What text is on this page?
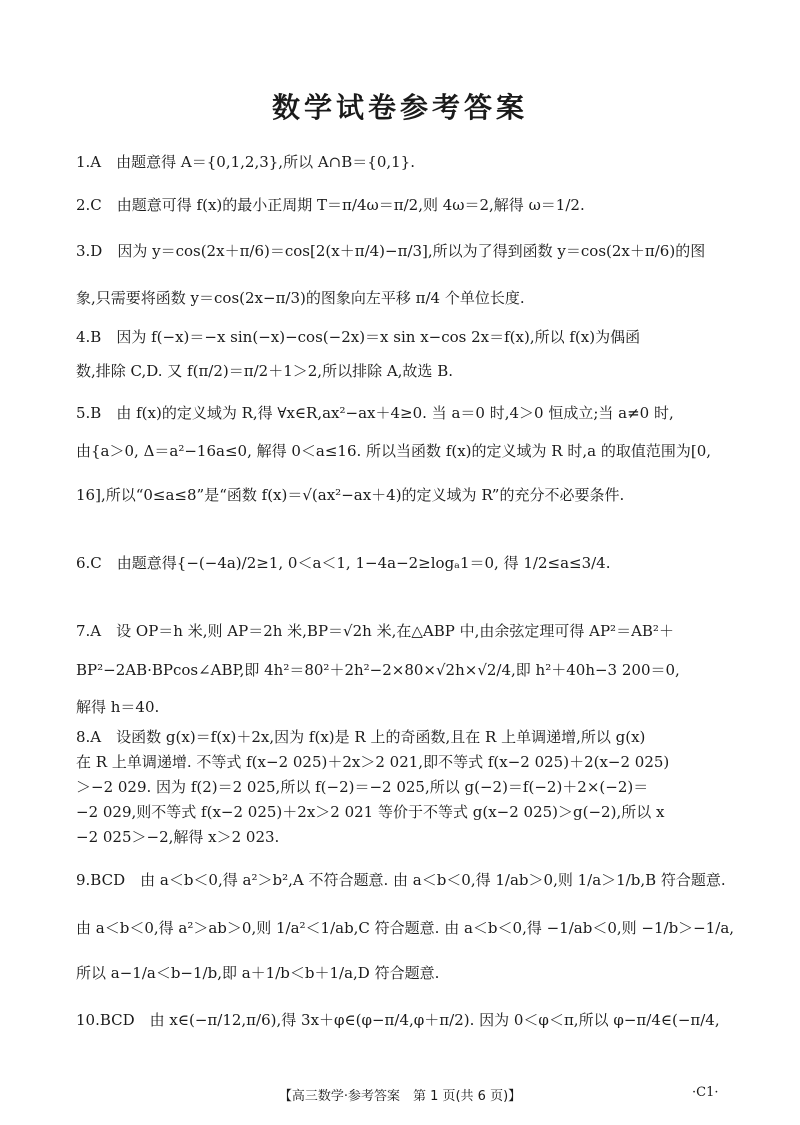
数学试卷参考答案
1.A　由题意得 A＝{0,1,2,3},所以 A∩B＝{0,1}.
2.C　由题意可得 f(x)的最小正周期 T＝π/4ω＝π/2,则 4ω＝2,解得 ω＝1/2.
3.D　因为 y＝cos(2x＋π/6)＝cos[2(x＋π/4)−π/3],所以为了得到函数 y＝cos(2x＋π/6)的图
象,只需要将函数 y＝cos(2x−π/3)的图象向左平移 π/4 个单位长度.
4.B　因为 f(−x)＝−x sin(−x)−cos(−2x)＝x sin x−cos 2x＝f(x),所以 f(x)为偶函
数,排除 C,D. 又 f(π/2)＝π/2＋1＞2,所以排除 A,故选 B.
5.B　由 f(x)的定义域为 R,得 ∀x∈R,ax²−ax＋4≥0. 当 a＝0 时,4＞0 恒成立;当 a≠0 时,
由{a＞0, Δ＝a²−16a≤0, 解得 0＜a≤16. 所以当函数 f(x)的定义域为 R 时,a 的取值范围为[0,
16],所以“0≤a≤8”是“函数 f(x)＝√(ax²−ax＋4)的定义域为 R”的充分不必要条件.
6.C　由题意得{−(−4a)/2≥1, 0＜a＜1, 1−4a−2≥logₐ1＝0, 得 1/2≤a≤3/4.
7.A　设 OP＝h 米,则 AP＝2h 米,BP＝√2h 米,在△ABP 中,由余弦定理可得 AP²＝AB²＋
BP²−2AB·BPcos∠ABP,即 4h²＝80²＋2h²−2×80×√2h×√2/4,即 h²＋40h−3 200＝0,
解得 h＝40.
8.A　设函数 g(x)＝f(x)＋2x,因为 f(x)是 R 上的奇函数,且在 R 上单调递增,所以 g(x)
在 R 上单调递增. 不等式 f(x−2 025)＋2x＞2 021,即不等式 f(x−2 025)＋2(x−2 025)
＞−2 029. 因为 f(2)＝2 025,所以 f(−2)＝−2 025,所以 g(−2)＝f(−2)＋2×(−2)＝
−2 029,则不等式 f(x−2 025)＋2x＞2 021 等价于不等式 g(x−2 025)＞g(−2),所以 x
−2 025＞−2,解得 x＞2 023.
9.BCD　由 a＜b＜0,得 a²＞b²,A 不符合题意. 由 a＜b＜0,得 1/ab＞0,则 1/a＞1/b,B 符合题意.
由 a＜b＜0,得 a²＞ab＞0,则 1/a²＜1/ab,C 符合题意. 由 a＜b＜0,得 −1/ab＜0,则 −1/b＞−1/a,
所以 a−1/a＜b−1/b,即 a＋1/b＜b＋1/a,D 符合题意.
10.BCD　由 x∈(−π/12,π/6),得 3x＋φ∈(φ−π/4,φ＋π/2). 因为 0＜φ＜π,所以 φ−π/4∈(−π/4,
【高三数学·参考答案　第 1 页(共 6 页)】	·C1·
